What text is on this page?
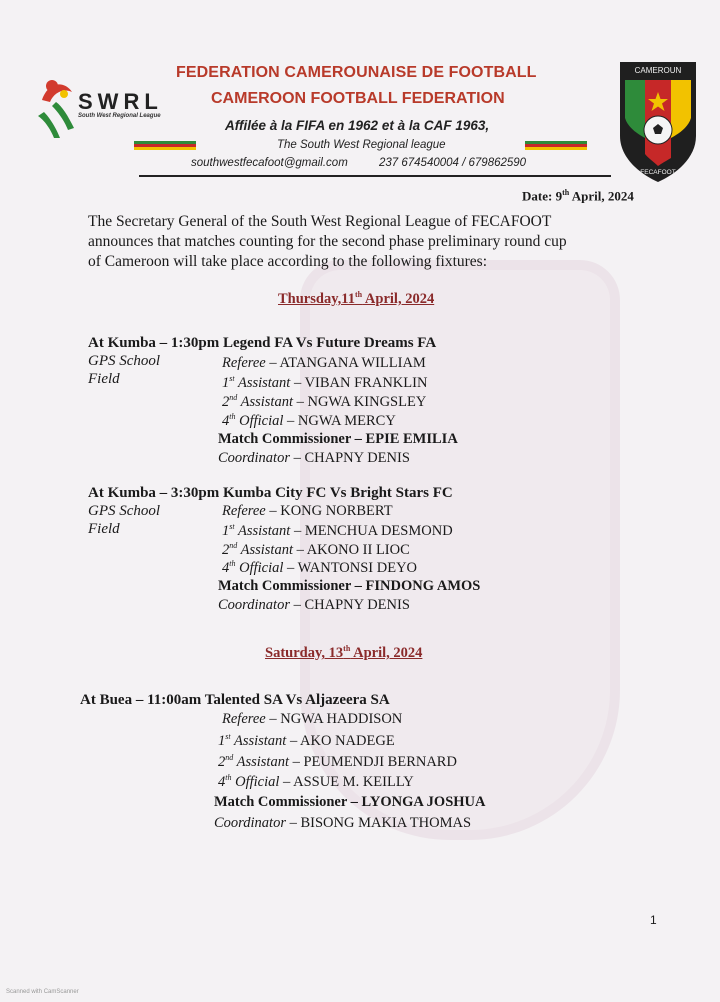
SWRL
South West Regional League
FEDERATION CAMEROUNAISE DE FOOTBALL
CAMEROON FOOTBALL FEDERATION
Affilée à la FIFA en 1962 et à la CAF 1963,
The South West Regional league
southwestfecafoot@gmail.com	237 674540004 / 679862590
CAMEROUN
FECAFOOT
Date: 9th April, 2024
The Secretary General of the South West Regional League of FECAFOOT
announces that matches counting for the second phase preliminary round cup
of Cameroon will take place according to the following fixtures:
Thursday,11th April, 2024
At Kumba – 1:30pm Legend FA Vs Future Dreams FA
GPS School
Field
Referee – ATANGANA WILLIAM
1st Assistant – VIBAN FRANKLIN
2nd Assistant – NGWA KINGSLEY
4th Official – NGWA MERCY
Match Commissioner – EPIE EMILIA
Coordinator – CHAPNY DENIS
At Kumba – 3:30pm Kumba City FC Vs Bright Stars FC
GPS School
Field
Referee – KONG NORBERT
1st Assistant – MENCHUA DESMOND
2nd Assistant – AKONO II LIOC
4th Official – WANTONSI DEYO
Match Commissioner – FINDONG AMOS
Coordinator – CHAPNY DENIS
Saturday, 13th April, 2024
At Buea – 11:00am Talented SA Vs Aljazeera SA
Referee – NGWA HADDISON
1st Assistant – AKO NADEGE
2nd Assistant – PEUMENDJI BERNARD
4th Official – ASSUE M. KEILLY
Match Commissioner – LYONGA JOSHUA
Coordinator – BISONG MAKIA THOMAS
1
Scanned with CamScanner
